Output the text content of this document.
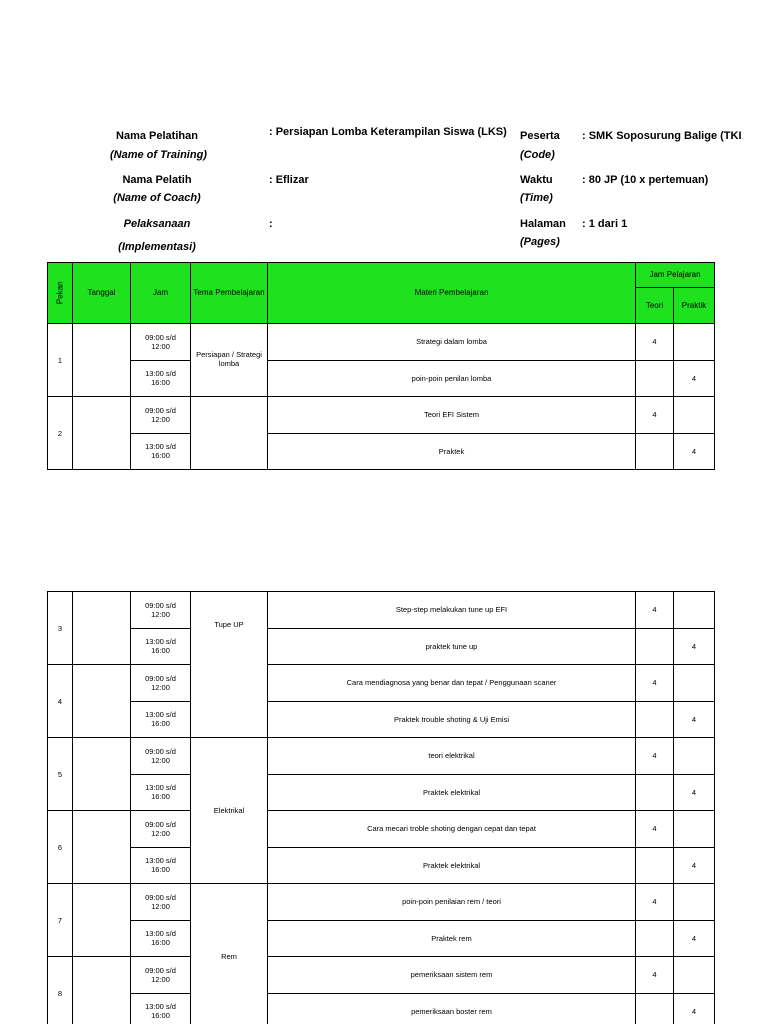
Nama Pelatihan
(Name of Training)
: Persiapan Lomba Keterampilan Siswa (LKS)
Nama Pelatih
(Name of Coach)
: Eflizar
Pelaksanaan
(Implementasi)
:
Peserta
(Code)
: SMK Soposurung Balige (TKI
Waktu
(Time)
: 80 JP (10 x pertemuan)
Halaman
(Pages)
: 1 dari 1
Pekan	Tanggal	Jam	Tema Pembelajaran	Materi Pembelajaran	Jam Pelajaran	
					Teori	Praktik
1		09:00 s/d 12:00	Persiapan / Strategi lomba	Strategi dalam lomba	4	
		13:00 s/d 16:00		poin-poin penilan lomba		4
2		09:00 s/d 12:00		Teori EFI Sistem	4	
		13:00 s/d 16:00		Praktek		4
3		09:00 s/d 12:00	Tupe UP	Step-step melakukan tune up EFI	4	
		13:00 s/d 16:00		praktek tune up		4
4		09:00 s/d 12:00		Cara mendiagnosa yang benar dan tepat / Penggunaan scaner	4	
		13:00 s/d 16:00		Praktek trouble shoting & Uji Emisi		4
5		09:00 s/d 12:00	Elektrikal	teori elektrikal	4	
		13:00 s/d 16:00		Praktek elektrikal		4
6		09:00 s/d 12:00		Cara mecari troble shoting dengan cepat dan tepat	4	
		13:00 s/d 16:00		Praktek elektrikal		4
7		09:00 s/d 12:00	Rem	poin-poin penilaian rem / teori	4	
		13:00 s/d 16:00		Praktek rem		4
8		09:00 s/d 12:00		pemeriksaan sistem rem	4	
		13:00 s/d 16:00		pemeriksaan boster rem		4
